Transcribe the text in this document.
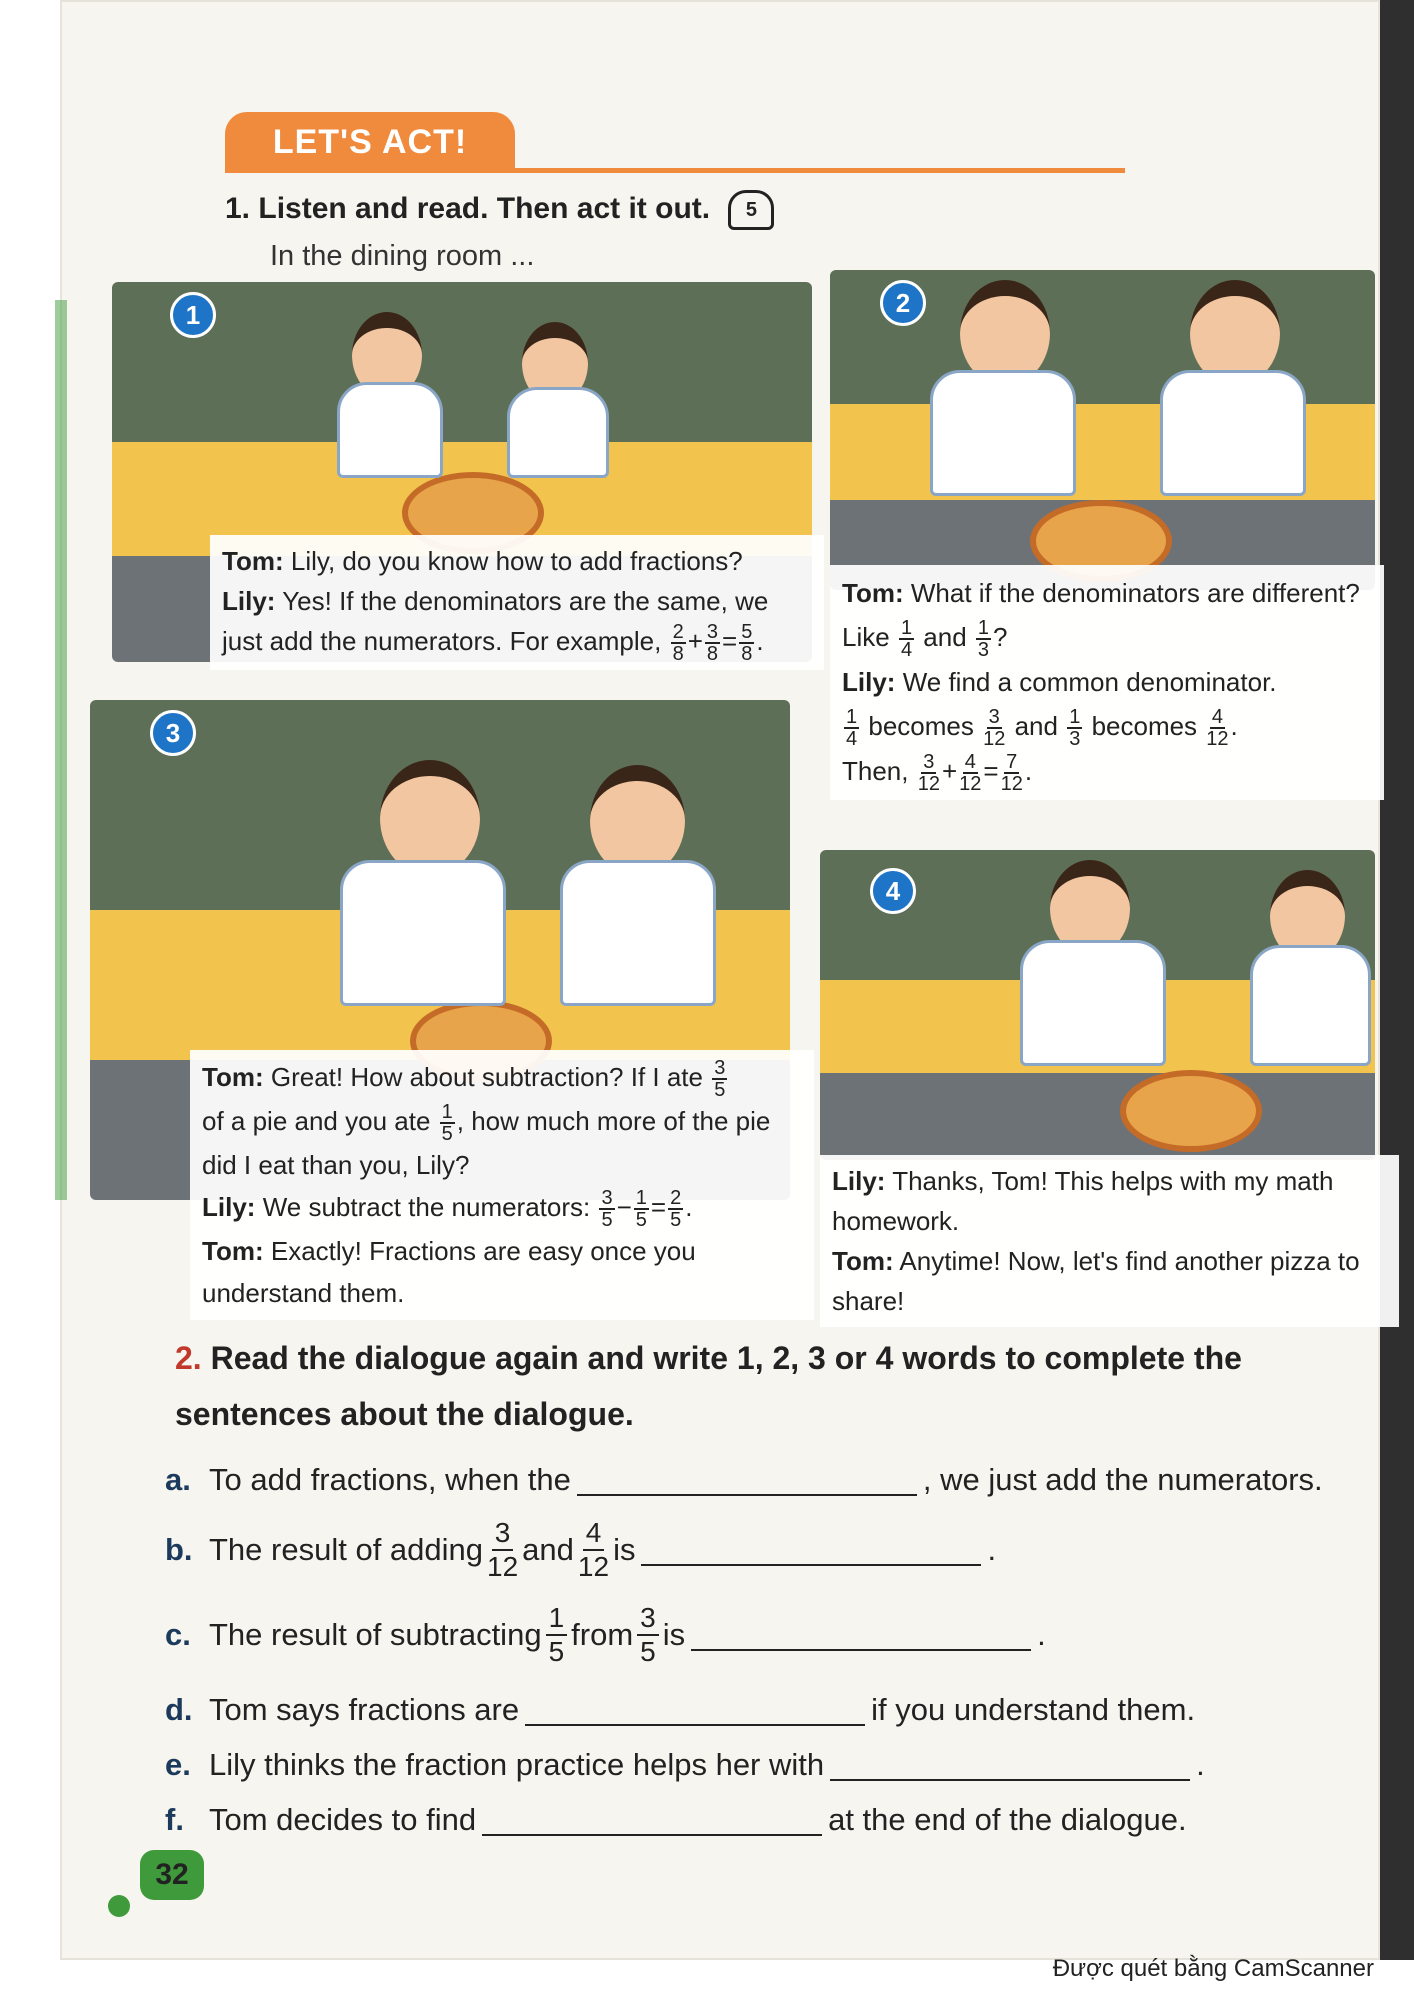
LET'S ACT!
1. Listen and read. Then act it out. 5
In the dining room ...
1
Tom: Lily, do you know how to add fractions?
Lily: Yes! If the denominators are the same, we just add the numerators. For example, $\frac{2}{8} + \frac{3}{8} = \frac{5}{8}$ .
2
Tom: What if the denominators are different?
Like $\frac{1}{4}$ and $\frac{1}{3}$ ?
Lily: We find a common denominator.
$\frac{1}{4}$ becomes $\frac{3}{12}$ and $\frac{1}{3}$ becomes $\frac{4}{12}$ .
Then, $\frac{3}{12} + \frac{4}{12} = \frac{7}{12}$ .
3
Tom: Great! How about subtraction? If I ate $\frac{3}{5}$
of a pie and you ate $\frac{1}{5}$ , how much more of the pie did I eat than you, Lily?
Lily: We subtract the numerators: $\frac{3}{5} - \frac{1}{5} = \frac{2}{5}$ .
Tom: Exactly! Fractions are easy once you understand them.
4
Lily: Thanks, Tom! This helps with my math homework.
Tom: Anytime! Now, let's find another pizza to share!
2. Read the dialogue again and write 1, 2, 3 or 4 words to complete the sentences about the dialogue.
a. To add fractions, when the	, we just add the numerators.
b. The result of adding 3
12 and 4
12 is	.
c. The result of subtracting 1
5 from 3
5 is	.
d. Tom says fractions are	if you understand them.
e. Lily thinks the fraction practice helps her with	.
f. Tom decides to find	at the end of the dialogue.
32
Được quét bằng CamScanner
